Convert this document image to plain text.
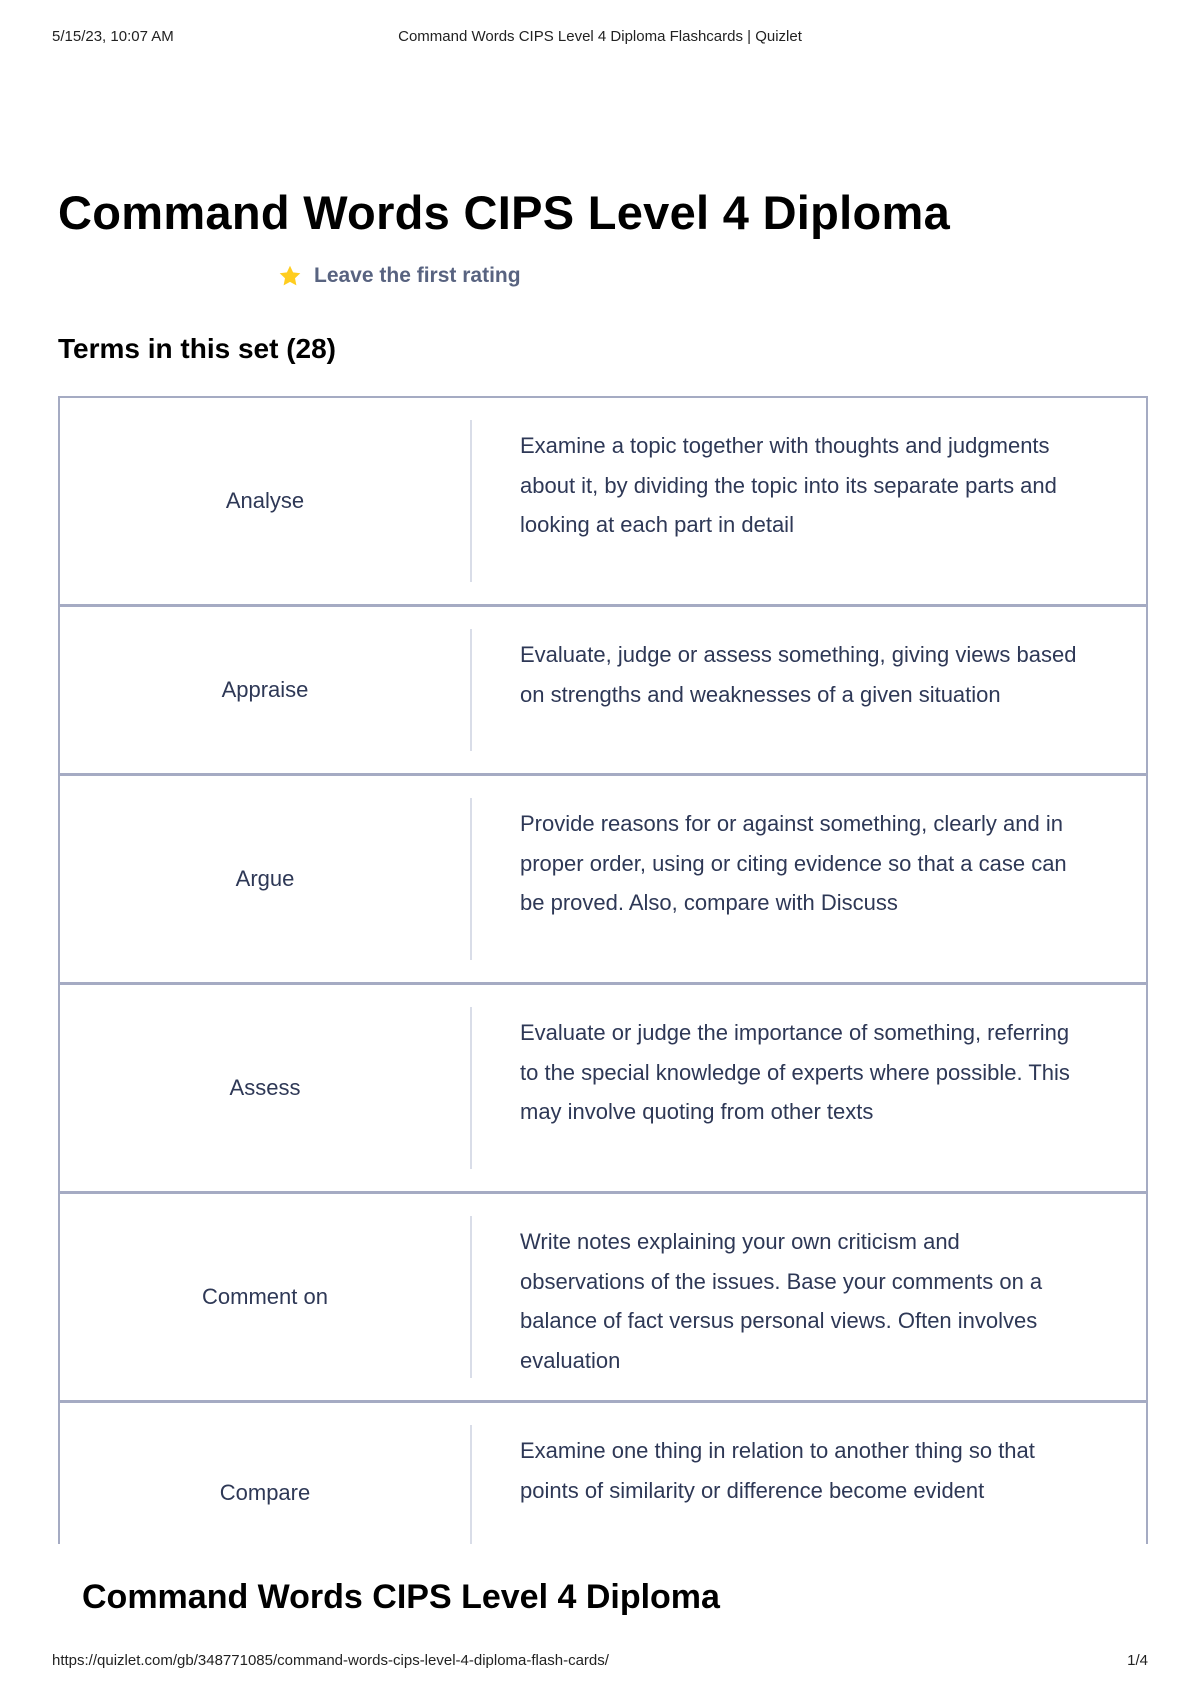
5/15/23, 10:07 AM	Command Words CIPS Level 4 Diploma Flashcards | Quizlet
Command Words CIPS Level 4 Diploma
Leave the first rating
Terms in this set (28)
Analyse
Examine a topic together with thoughts and judgments about it, by dividing the topic into its separate parts and looking at each part in detail
Appraise
Evaluate, judge or assess something, giving views based on strengths and weaknesses of a given situation
Argue
Provide reasons for or against something, clearly and in proper order, using or citing evidence so that a case can be proved. Also, compare with Discuss
Assess
Evaluate or judge the importance of something, referring to the special knowledge of experts where possible. This may involve quoting from other texts
Comment on
Write notes explaining your own criticism and observations of the issues. Base your comments on a balance of fact versus personal views. Often involves evaluation
Compare
Examine one thing in relation to another thing so that points of similarity or difference become evident
Command Words CIPS Level 4 Diploma
https://quizlet.com/gb/348771085/command-words-cips-level-4-diploma-flash-cards/	1/4
